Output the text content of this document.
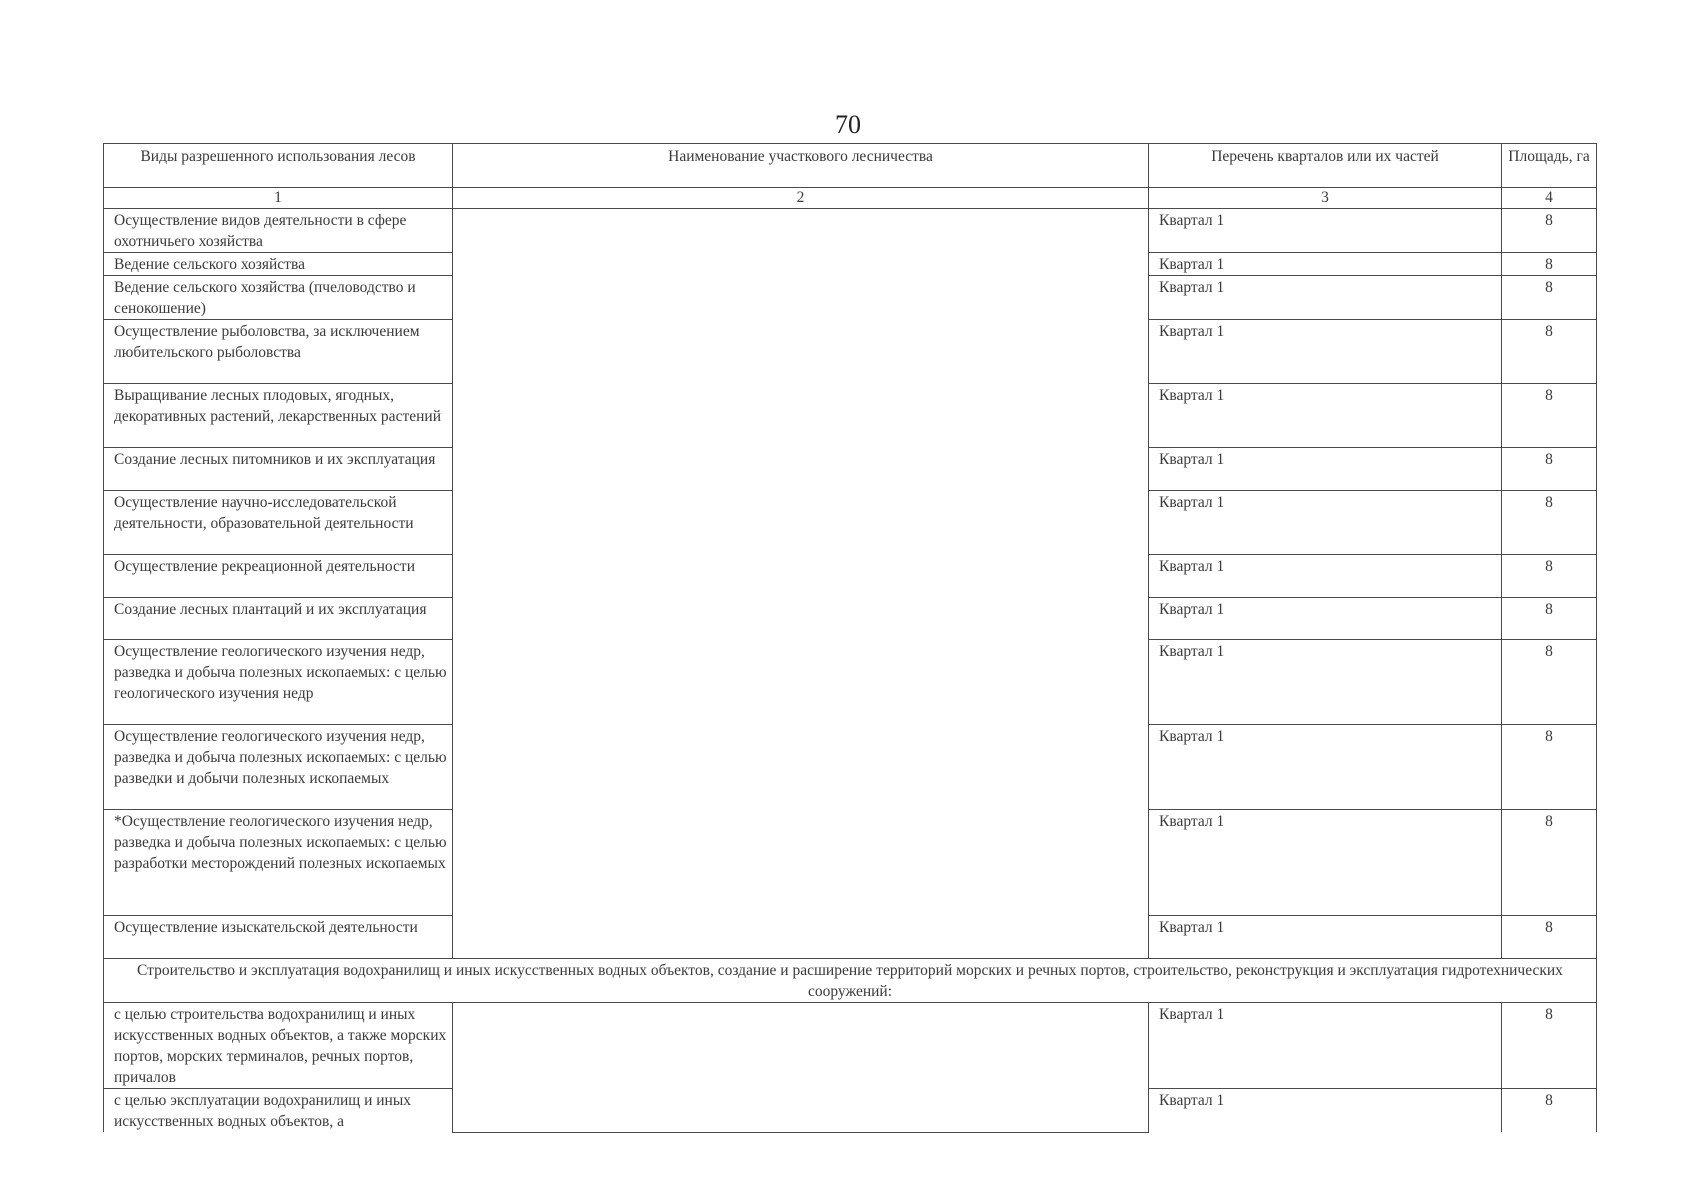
70
Виды разрешенного использования лесов	Наименование участкового лесничества	Перечень кварталов или их частей	Площадь, га
1	2	3	4
Осуществление видов деятельности в сфере охотничьего хозяйства		Квартал 1	8
Ведение сельского хозяйства		Квартал 1	8
Ведение сельского хозяйства (пчеловодство и сенокошение)		Квартал 1	8
Осуществление рыболовства, за исключением любительского рыболовства		Квартал 1	8
Выращивание лесных плодовых, ягодных, декоративных растений, лекарственных растений		Квартал 1	8
Создание лесных питомников и их эксплуатация		Квартал 1	8
Осуществление научно-исследовательской деятельности, образовательной деятельности		Квартал 1	8
Осуществление рекреационной деятельности		Квартал 1	8
Создание лесных плантаций и их эксплуатация		Квартал 1	8
Осуществление геологического изучения недр, разведка и добыча полезных ископаемых: с целью геологического изучения недр		Квартал 1	8
Осуществление геологического изучения недр, разведка и добыча полезных ископаемых: с целью разведки и добычи полезных ископаемых		Квартал 1	8
*Осуществление геологического изучения недр, разведка и добыча полезных ископаемых: с целью разработки месторождений полезных ископаемых		Квартал 1	8
Осуществление изыскательской деятельности		Квартал 1	8
Строительство и эксплуатация водохранилищ и иных искусственных водных объектов, создание и расширение территорий морских и речных портов, строительство, реконструкция и эксплуатация гидротехнических сооружений:			
с целью строительства водохранилищ и иных искусственных водных объектов, а также морских портов, морских терминалов, речных портов, причалов		Квартал 1	8
с целью эксплуатации водохранилищ и иных искусственных водных объектов, а		Квартал 1	8
